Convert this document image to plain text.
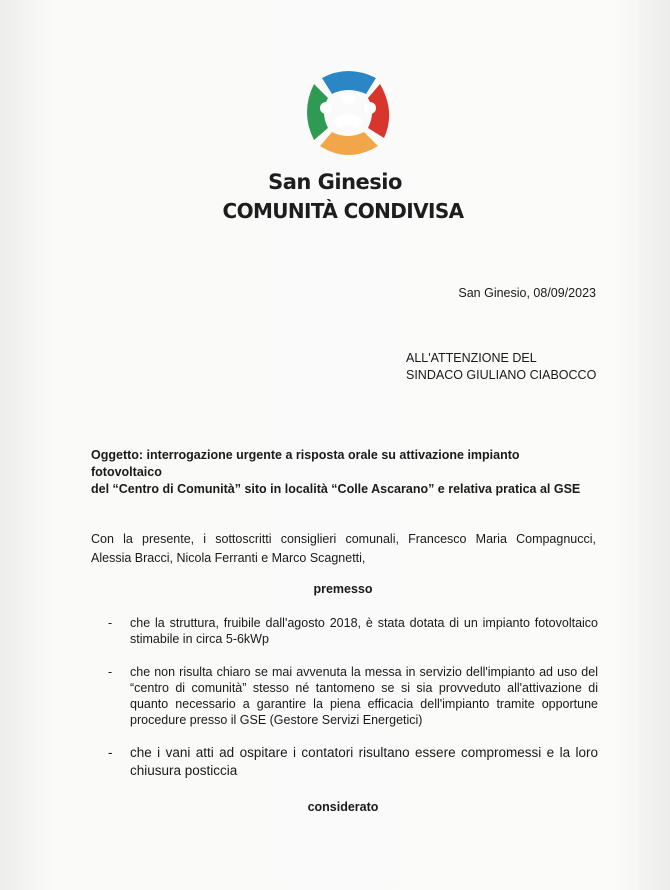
San Ginesio
COMUNITÀ CONDIVISA
San Ginesio, 08/09/2023
ALL'ATTENZIONE DEL
SINDACO GIULIANO CIABOCCO
Oggetto: interrogazione urgente a risposta orale su attivazione impianto fotovoltaico
del “Centro di Comunità” sito in località “Colle Ascarano” e relativa pratica al GSE
Con la presente, i sottoscritti consiglieri comunali, Francesco Maria Compagnucci,
Alessia Bracci, Nicola Ferranti e Marco Scagnetti,
premesso
- che la struttura, fruibile dall'agosto 2018, è stata dotata di un impianto fotovoltaico stimabile in circa 5-6kWp
- che non risulta chiaro se mai avvenuta la messa in servizio dell'impianto ad uso del “centro di comunità” stesso né tantomeno se si sia provveduto all'attivazione di quanto necessario a garantire la piena efficacia dell'impianto tramite opportune procedure presso il GSE (Gestore Servizi Energetici)
- che i vani atti ad ospitare i contatori risultano essere compromessi e la loro chiusura posticcia
considerato
